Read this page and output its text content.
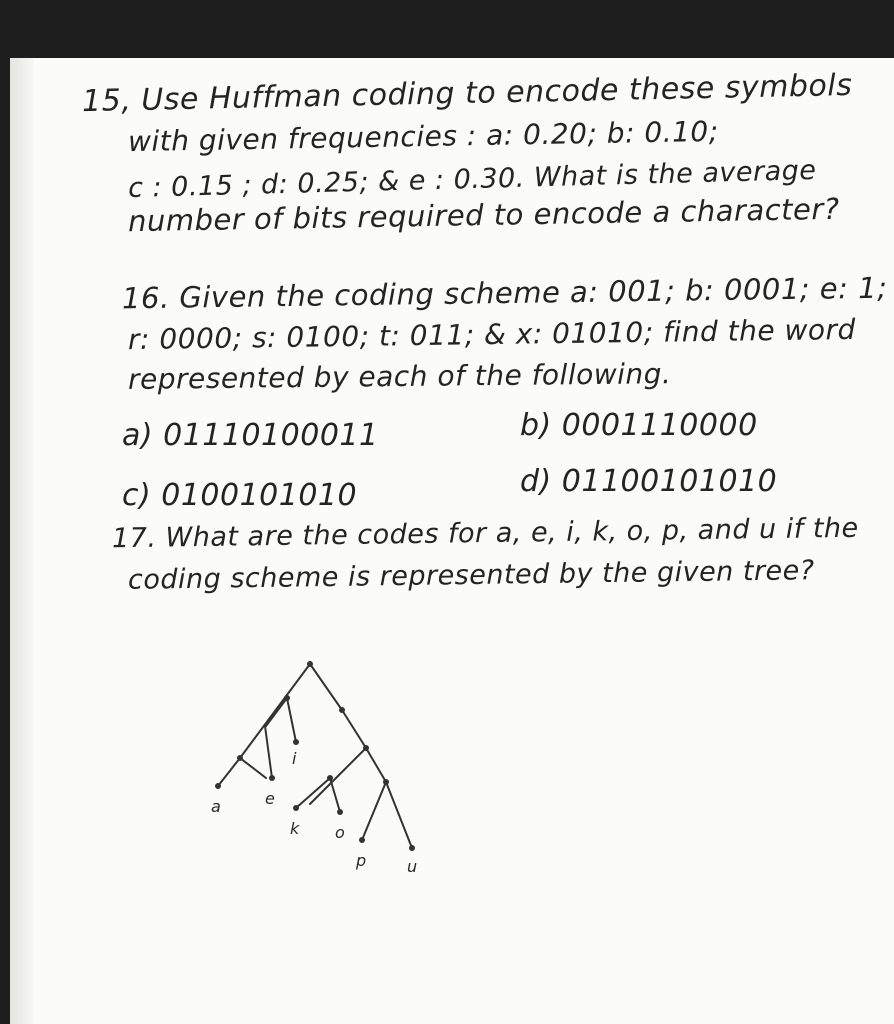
15, Use Huffman coding to encode these symbols
with given frequencies : a: 0.20; b: 0.10;
c : 0.15 ; d: 0.25; & e : 0.30. What is the average
number of bits required to encode a character?
16. Given the coding scheme a: 001; b: 0001; e: 1;
r: 0000; s: 0100; t: 011; & x: 01010; find the word
represented by each of the following.
a) 01110100011	b) 0001110000
c) 0100101010	d) 01100101010
17. What are the codes for a, e, i, k, o, p, and u if the
coding scheme is represented by the given tree?
a	e
i
k o
p	u
